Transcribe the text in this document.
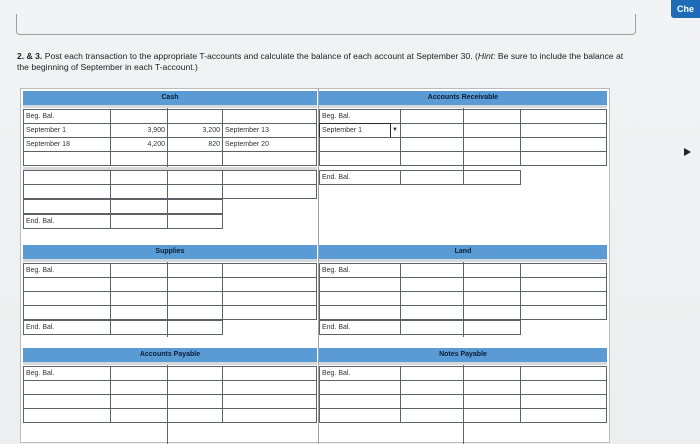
Che
2. & 3. Post each transaction to the appropriate T-accounts and calculate the balance of each account at September 30. (Hint: Be sure to include the balance at the beginning of September in each T-account.)
Cash
Beg. Bal.
September 1	3,900	3,200 September 13
September 18	4,200	820 September 20
End. Bal.
Accounts Receivable
Beg. Bal.
September 1	▼
End. Bal.
Supplies
Beg. Bal.
End. Bal.
Land
Beg. Bal.
End. Bal.
Accounts Payable
Beg. Bal.
Notes Payable
Beg. Bal.
